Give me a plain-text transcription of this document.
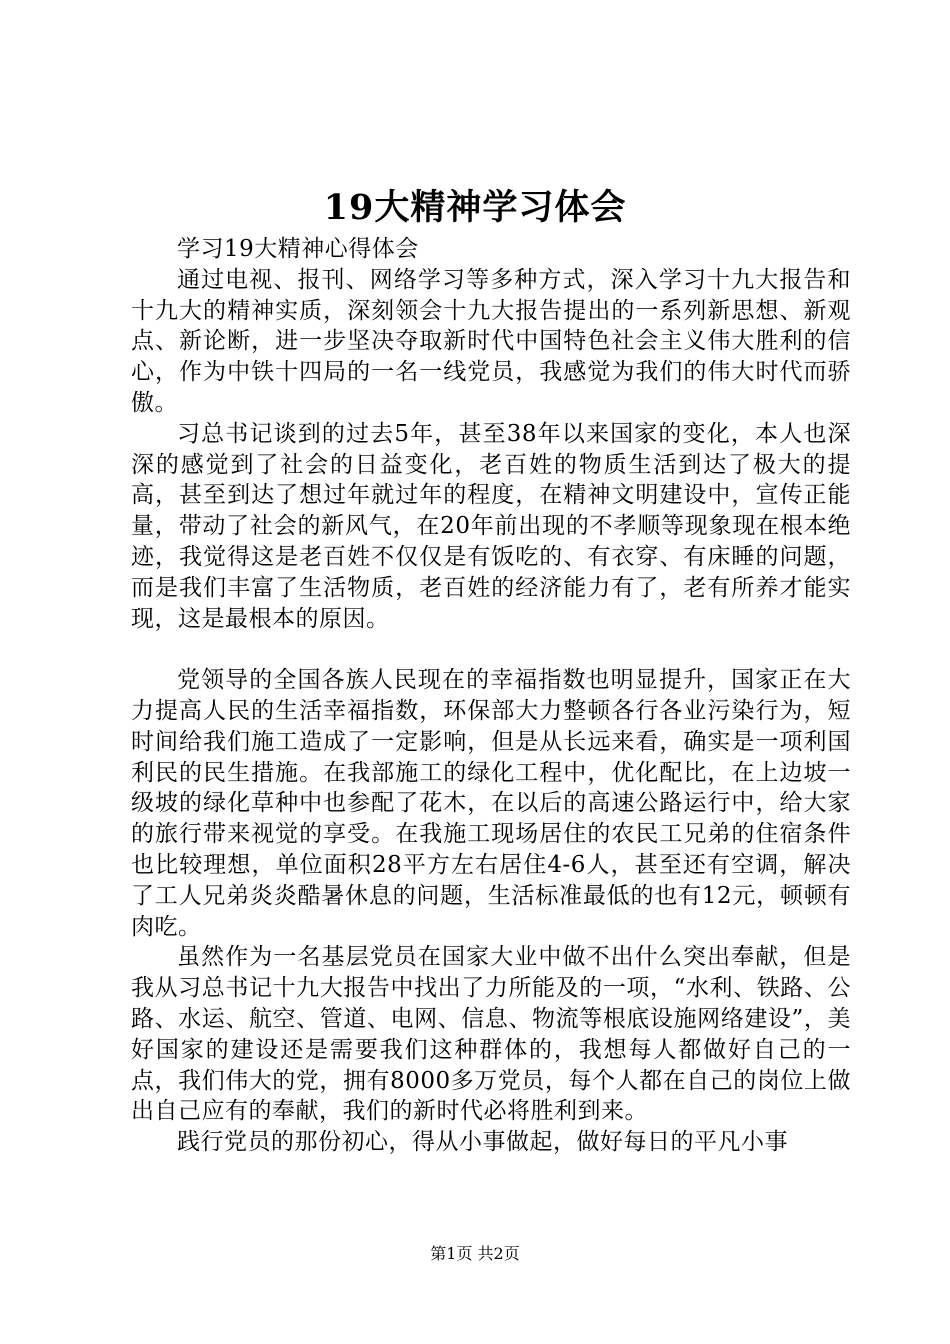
19大精神学习体会

学习19大精神心得体会

通过电视、报刊、网络学习等多种方式，深入学习十九大报告和十九大的精神实质，深刻领会十九大报告提出的一系列新思想、新观点、新论断，进一步坚决夺取新时代中国特色社会主义伟大胜利的信心，作为中铁十四局的一名一线党员，我感觉为我们的伟大时代而骄傲。

习总书记谈到的过去5年，甚至38年以来国家的变化，本人也深深的感觉到了社会的日益变化，老百姓的物质生活到达了极大的提高，甚至到达了想过年就过年的程度，在精神文明建设中，宣传正能量，带动了社会的新风气，在20年前出现的不孝顺等现象现在根本绝迹，我觉得这是老百姓不仅仅是有饭吃的、有衣穿、有床睡的问题，而是我们丰富了生活物质，老百姓的经济能力有了，老有所养才能实现，这是最根本的原因。

党领导的全国各族人民现在的幸福指数也明显提升，国家正在大力提高人民的生活幸福指数，环保部大力整顿各行各业污染行为，短时间给我们施工造成了一定影响，但是从长远来看，确实是一项利国利民的民生措施。在我部施工的绿化工程中，优化配比，在上边坡一级坡的绿化草种中也参配了花木，在以后的高速公路运行中，给大家的旅行带来视觉的享受。在我施工现场居住的农民工兄弟的住宿条件也比较理想，单位面积28平方左右居住4-6人，甚至还有空调，解决了工人兄弟炎炎酷暑休息的问题，生活标准最低的也有12元，顿顿有肉吃。

虽然作为一名基层党员在国家大业中做不出什么突出奉献，但是我从习总书记十九大报告中找出了力所能及的一项，“水利、铁路、公路、水运、航空、管道、电网、信息、物流等根底设施网络建设”，美好国家的建设还是需要我们这种群体的，我想每人都做好自己的一点，我们伟大的党，拥有8000多万党员，每个人都在自己的岗位上做出自己应有的奉献，我们的新时代必将胜利到来。

践行党员的那份初心，得从小事做起，做好每日的平凡小事

第1页 共2页
